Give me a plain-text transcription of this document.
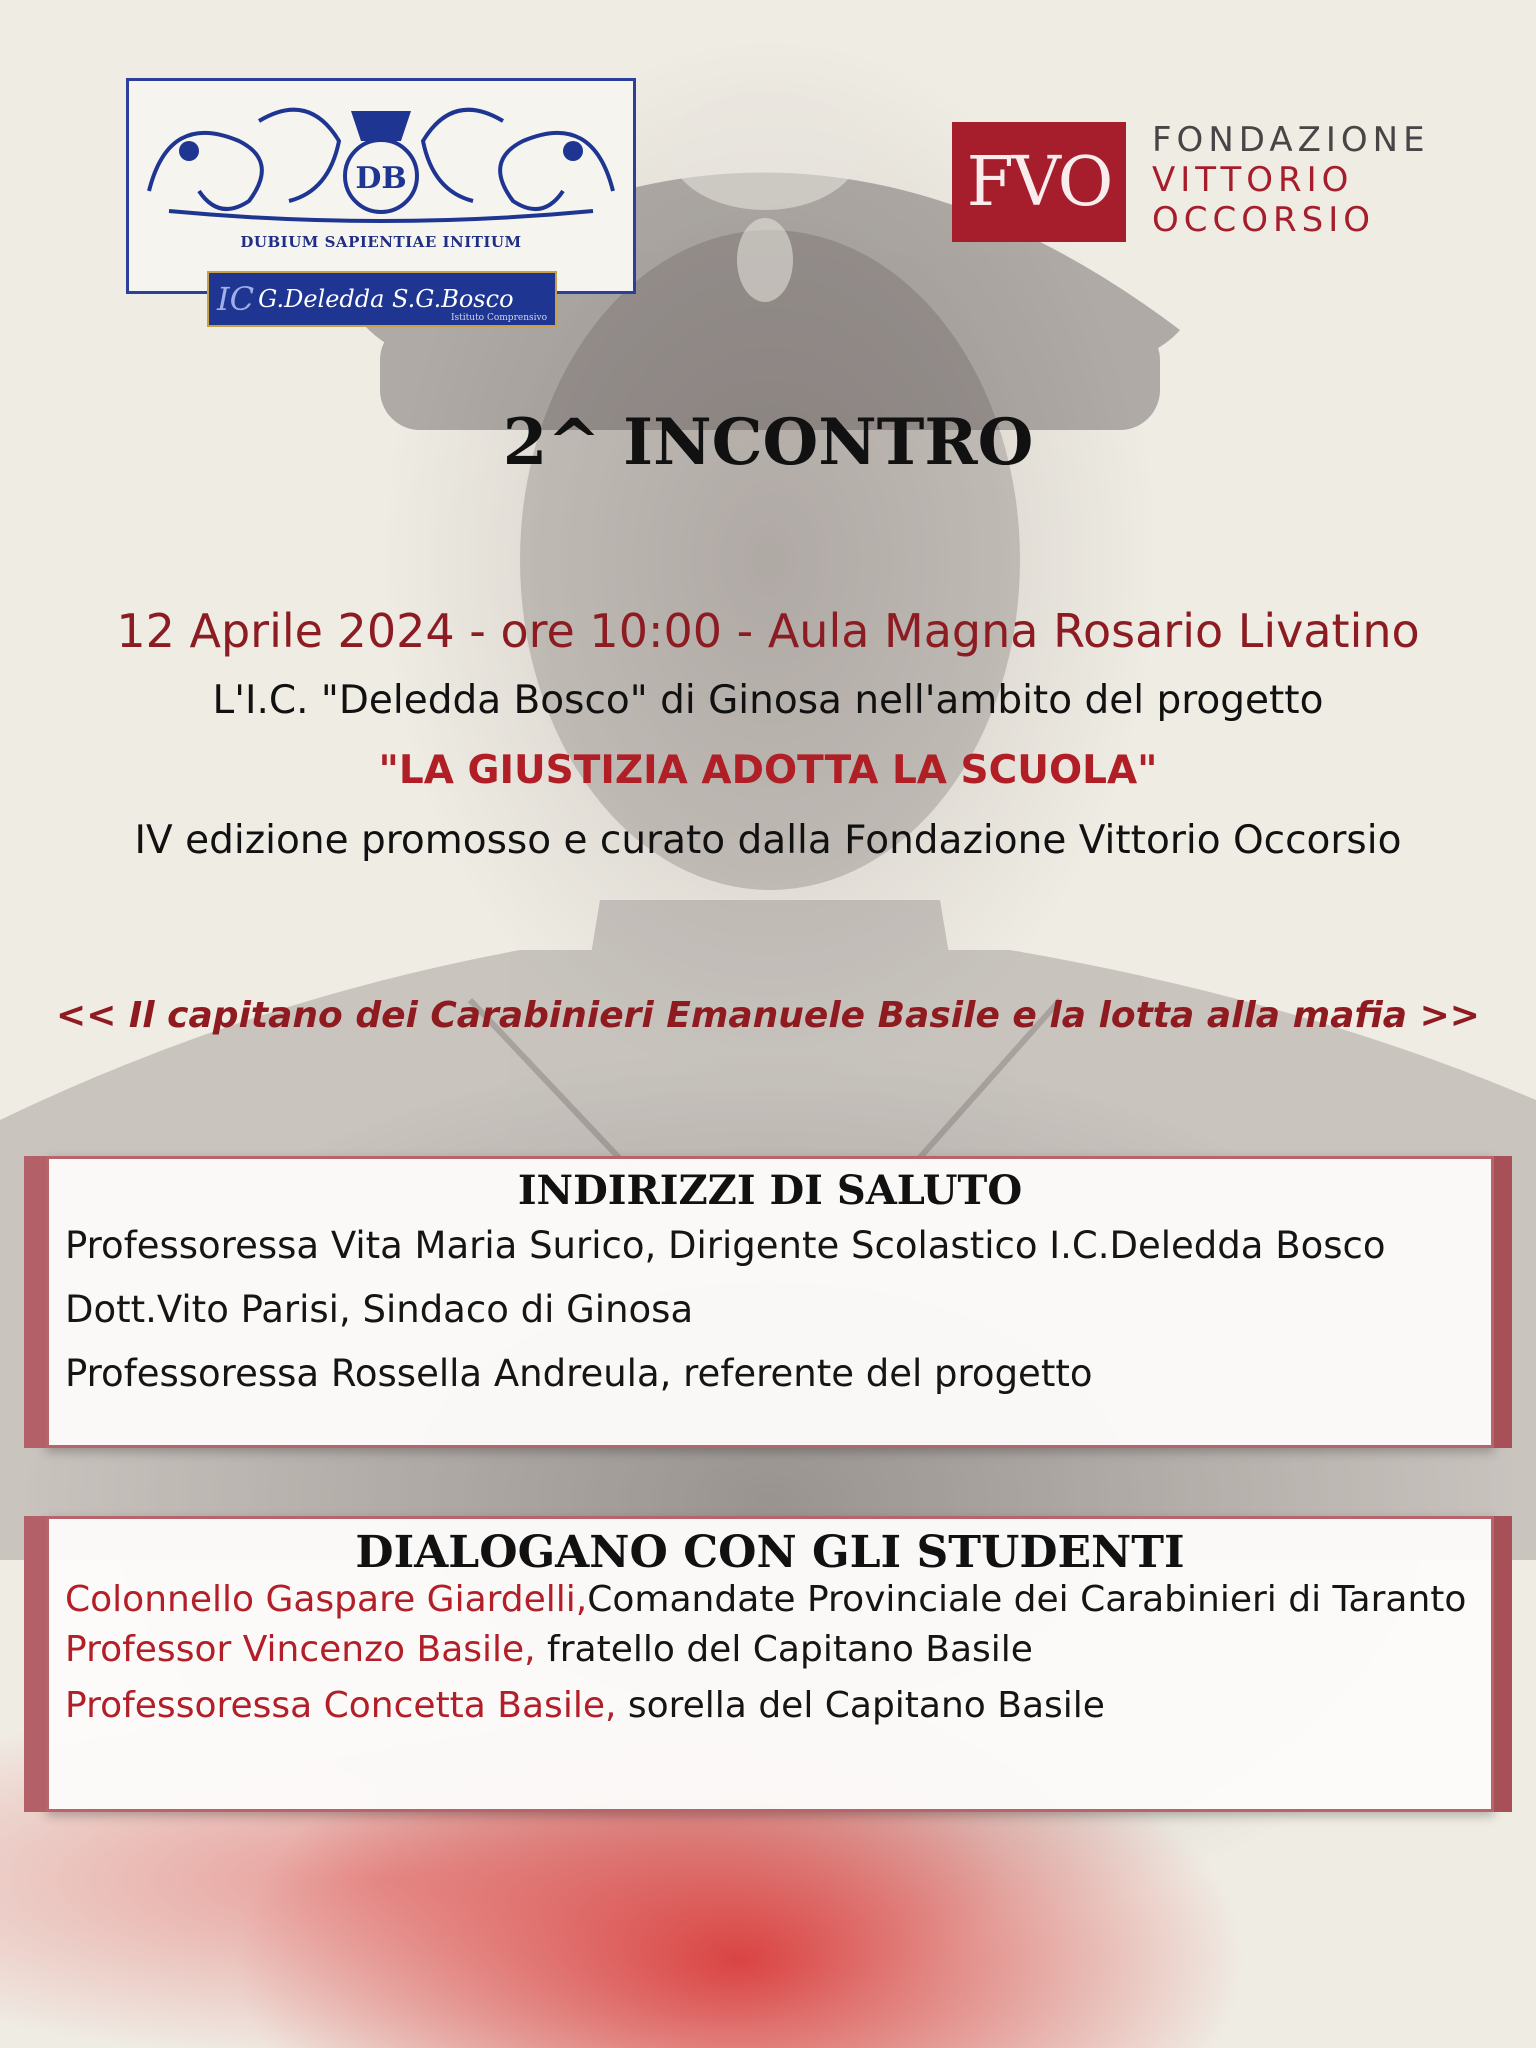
DB
DUBIUM SAPIENTIAE INITIUM
IC G.Deledda S.G.Bosco
Istituto Comprensivo
FVO
FONDAZIONE
VITTORIO
OCCORSIO
2^ INCONTRO
12 Aprile 2024 - ore 10:00 - Aula Magna Rosario Livatino
L'I.C. "Deledda Bosco" di Ginosa nell'ambito del progetto
"LA GIUSTIZIA ADOTTA LA SCUOLA"
IV edizione promosso e curato dalla Fondazione Vittorio Occorsio
<< Il capitano dei Carabinieri Emanuele Basile e la lotta alla mafia >>
INDIRIZZI DI SALUTO
Professoressa Vita Maria Surico, Dirigente Scolastico I.C.Deledda Bosco
Dott.Vito Parisi, Sindaco di Ginosa
Professoressa Rossella Andreula, referente del progetto
DIALOGANO CON GLI STUDENTI
Colonnello Gaspare Giardelli,Comandate Provinciale dei Carabinieri di Taranto
Professor Vincenzo Basile, fratello del Capitano Basile
Professoressa Concetta Basile, sorella del Capitano Basile
